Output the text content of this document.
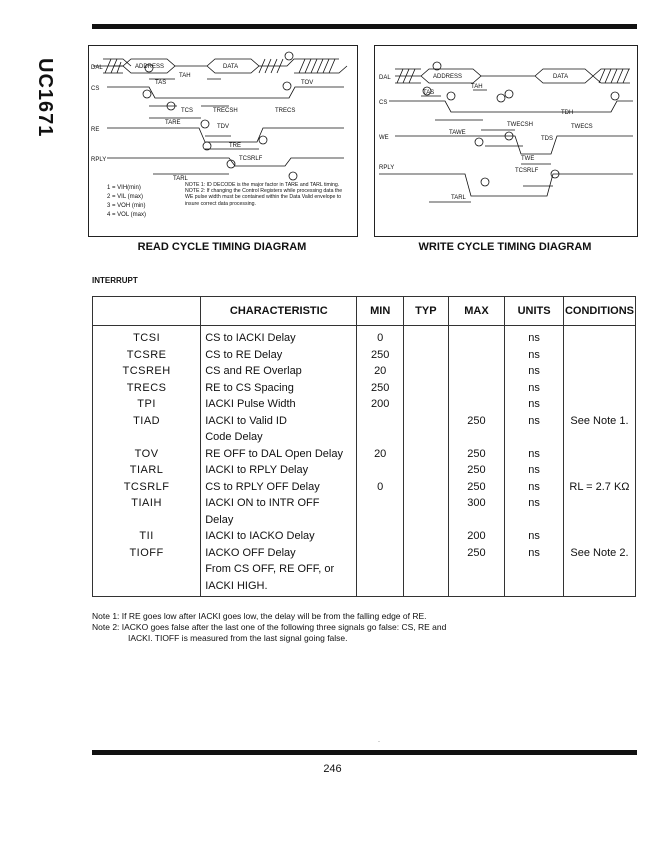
UC1671	DAL
CS
RE
RPLY
ADDRESS	DATA
TAS
TAH
TOV
TCS	TRECSH	TRECS
TARE
TDV
TRE
TCSRLF
TARL
1 = VIH(min)
2 = VIL (max)
3 = VOH (min)
4 = VOL (max)
NOTE 1: ID DECODE is the major factor in TARE and TARL timing.
NOTE 2: If changing the Control Registers while processing data the WE pulse width must be contained within the Data Valid envelope to insure correct data processing.
READ CYCLE TIMING DIAGRAM
DAL
CS
WE
RPLY
ADDRESS	DATA
TAS
TAH
TDH
TWECSH	TWECS
TAWE
TDS
TWE
TCSRLF
TARL
WRITE CYCLE TIMING DIAGRAM
INTERRUPT
	CHARACTERISTIC	MIN	TYP	MAX	UNITS	CONDITIONS

TCSI	CS to IACKI Delay	0			ns	
TCSRE	CS to RE Delay	250			ns	
TCSREH	CS and RE Overlap	20			ns	
TRECS	RE to CS Spacing	250			ns	
TPI	IACKI Pulse Width	200			ns	
TIAD	IACKI to Valid ID			250	ns	See Note 1.
	Code Delay					
TOV	RE OFF to DAL Open Delay	20		250	ns	
TIARL	IACKI to RPLY Delay			250	ns	
TCSRLF	CS to RPLY OFF Delay	0		250	ns	RL = 2.7 KΩ
TIAIH	IACKI ON to INTR OFF			300	ns	
	Delay					
TII	IACKI to IACKO Delay			200	ns	
TIOFF	IACKO OFF Delay			250	ns	See Note 2.
	From CS OFF, RE OFF, or					
	IACKI HIGH.					
Note 1: If RE goes low after IACKI goes low, the delay will be from the falling edge of RE.
Note 2: IACKO goes false after the last one of the following three signals go false: CS, RE and
IACKI. TIOFF is measured from the last signal going false.
·
246
